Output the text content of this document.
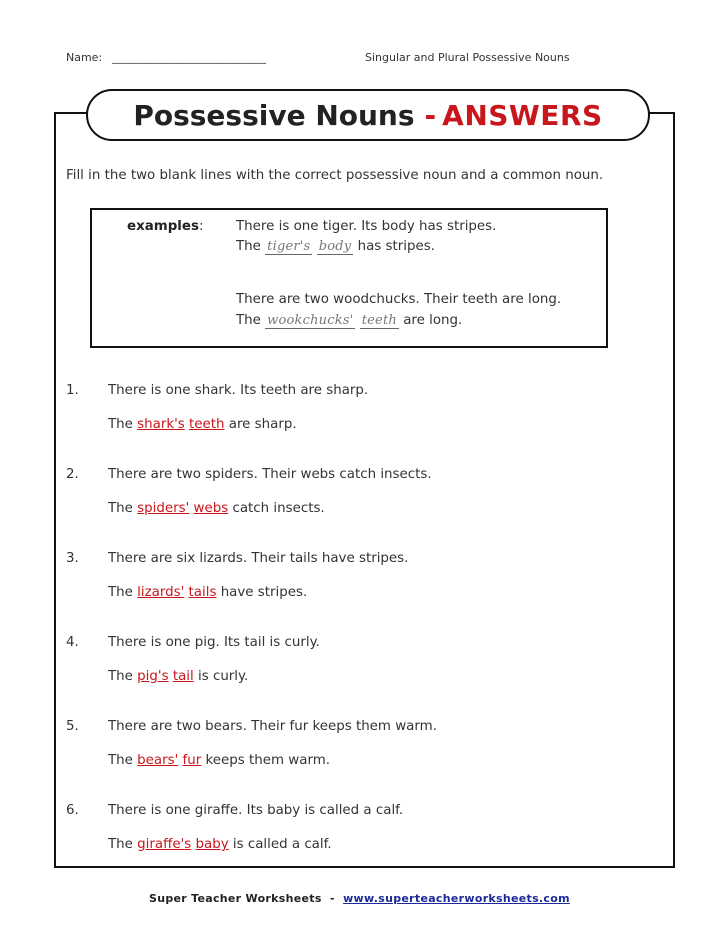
Name: ____________________________	Singular and Plural Possessive Nouns
Possessive Nouns - ANSWERS
Fill in the two blank lines with the correct possessive noun and a common noun.
examples: There is one tiger. Its body has stripes.
The tiger's body has stripes.
There are two woodchucks. Their teeth are long.
The wookchucks' teeth are long.
1. There is one shark. Its teeth are sharp.
The shark's teeth are sharp.
2. There are two spiders. Their webs catch insects.
The spiders' webs catch insects.
3. There are six lizards. Their tails have stripes.
The lizards' tails have stripes.
4. There is one pig. Its tail is curly.
The pig's tail is curly.
5. There are two bears. Their fur keeps them warm.
The bears' fur keeps them warm.
6. There is one giraffe. Its baby is called a calf.
The giraffe's baby is called a calf.
Super Teacher Worksheets - www.superteacherworksheets.com
